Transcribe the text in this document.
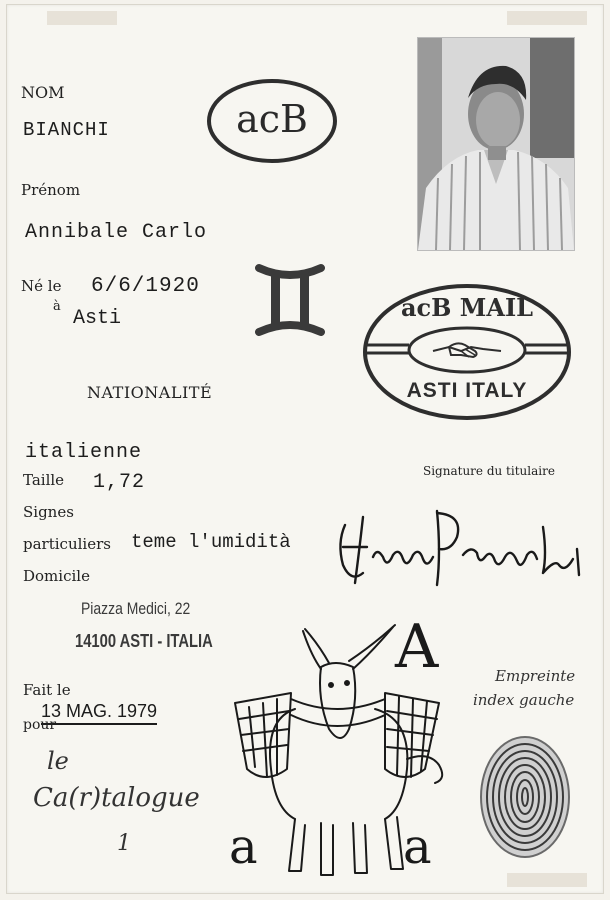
NOM
BIANCHI	acB
Prénom
Annibale Carlo
Né le 6/6/1920
à
Asti	acB MAIL
ASTI ITALY
NATIONALITÉ
italienne
Taille 1,72	Signature du titulaire
Signes
particuliers teme l'umidità
Domicile
Piazza Medici, 22
14100 ASTI - ITALIA	A	Empreinte
index gauche
Fait le
13 MAG. 1979
pour
le
Ca(r)talogue
1 a	a
